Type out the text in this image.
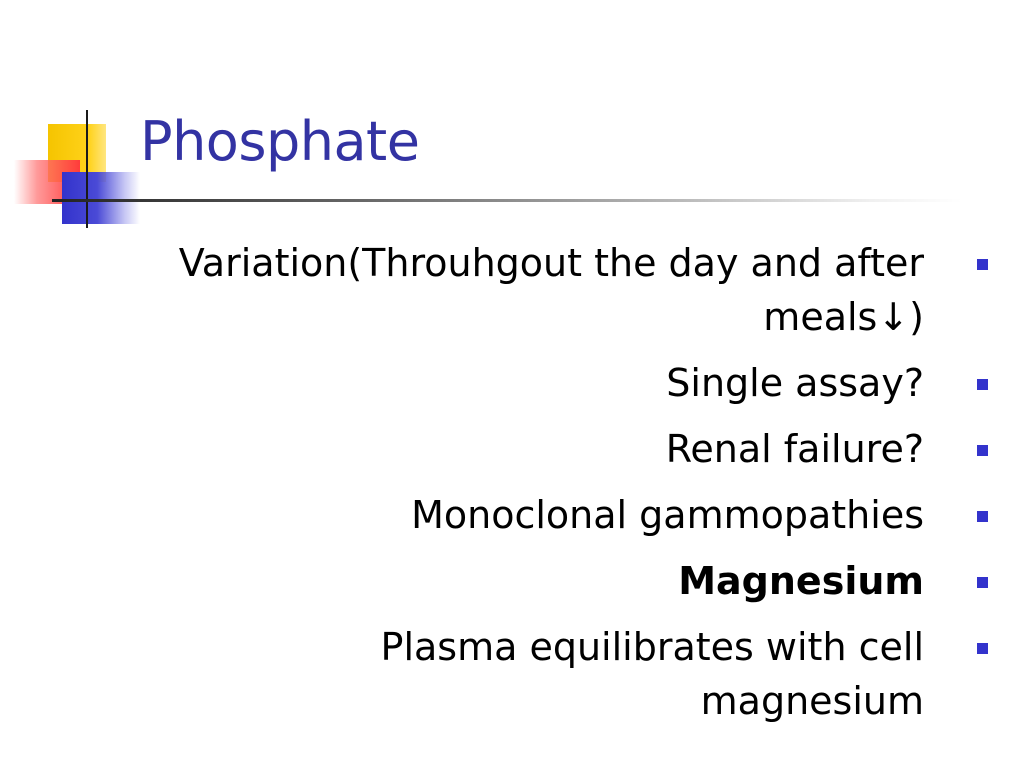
Phosphate
Variation(Throuhgout the day and after
meals↓)
Single assay?
Renal failure?
Monoclonal gammopathies
Magnesium
Plasma equilibrates with cell
magnesium
